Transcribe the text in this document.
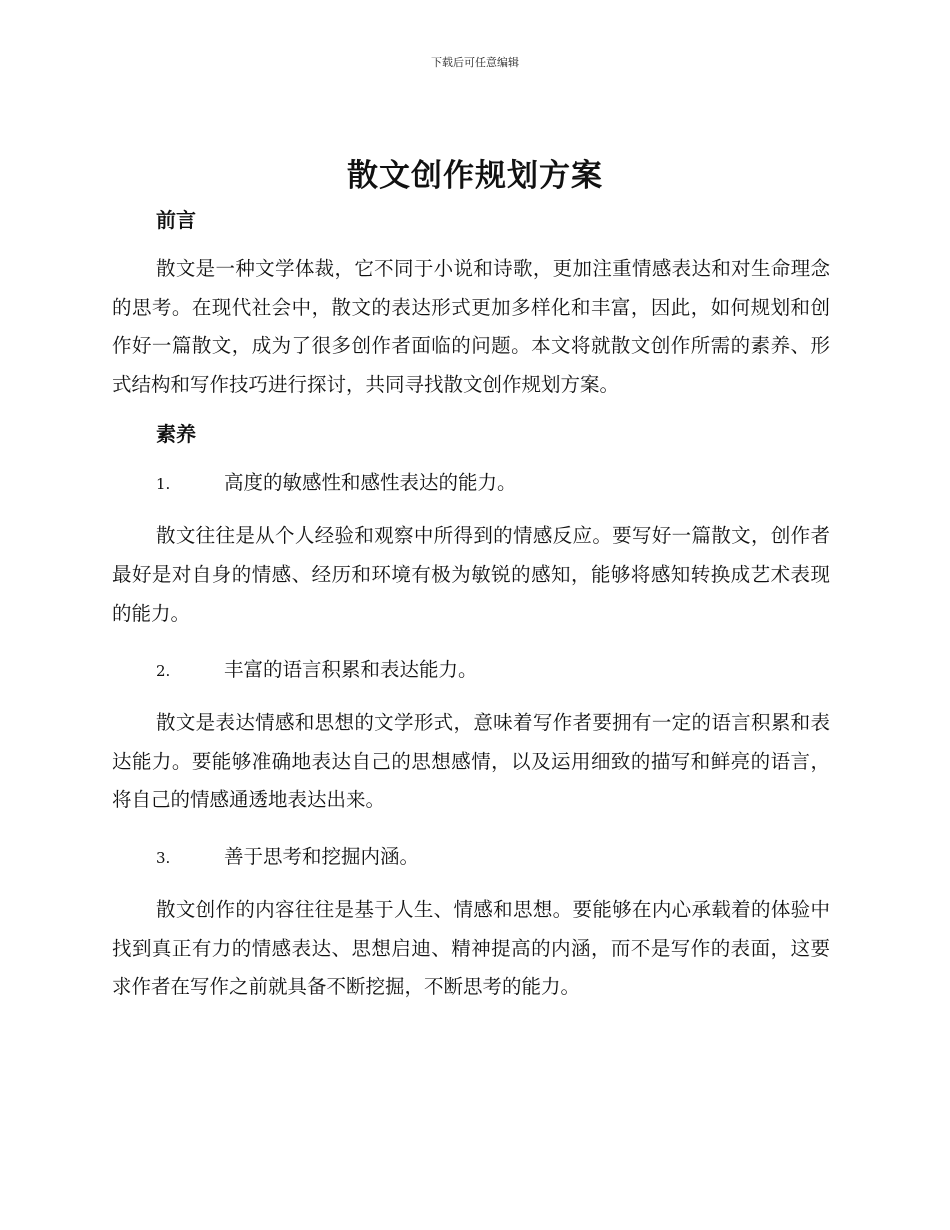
下载后可任意编辑
散文创作规划方案
前言

散文是一种文学体裁，它不同于小说和诗歌，更加注重情感表达和对生命理念的思考。在现代社会中，散文的表达形式更加多样化和丰富，因此，如何规划和创作好一篇散文，成为了很多创作者面临的问题。本文将就散文创作所需的素养、形式结构和写作技巧进行探讨，共同寻找散文创作规划方案。

素养
1.	高度的敏感性和感性表达的能力。

散文往往是从个人经验和观察中所得到的情感反应。要写好一篇散文，创作者最好是对自身的情感、经历和环境有极为敏锐的感知，能够将感知转换成艺术表现的能力。

2.	丰富的语言积累和表达能力。

散文是表达情感和思想的文学形式，意味着写作者要拥有一定的语言积累和表达能力。要能够准确地表达自己的思想感情，以及运用细致的描写和鲜亮的语言，将自己的情感通透地表达出来。

3.	善于思考和挖掘内涵。

散文创作的内容往往是基于人生、情感和思想。要能够在内心承载着的体验中找到真正有力的情感表达、思想启迪、精神提高的内涵，而不是写作的表面，这要求作者在写作之前就具备不断挖掘，不断思考的能力。
